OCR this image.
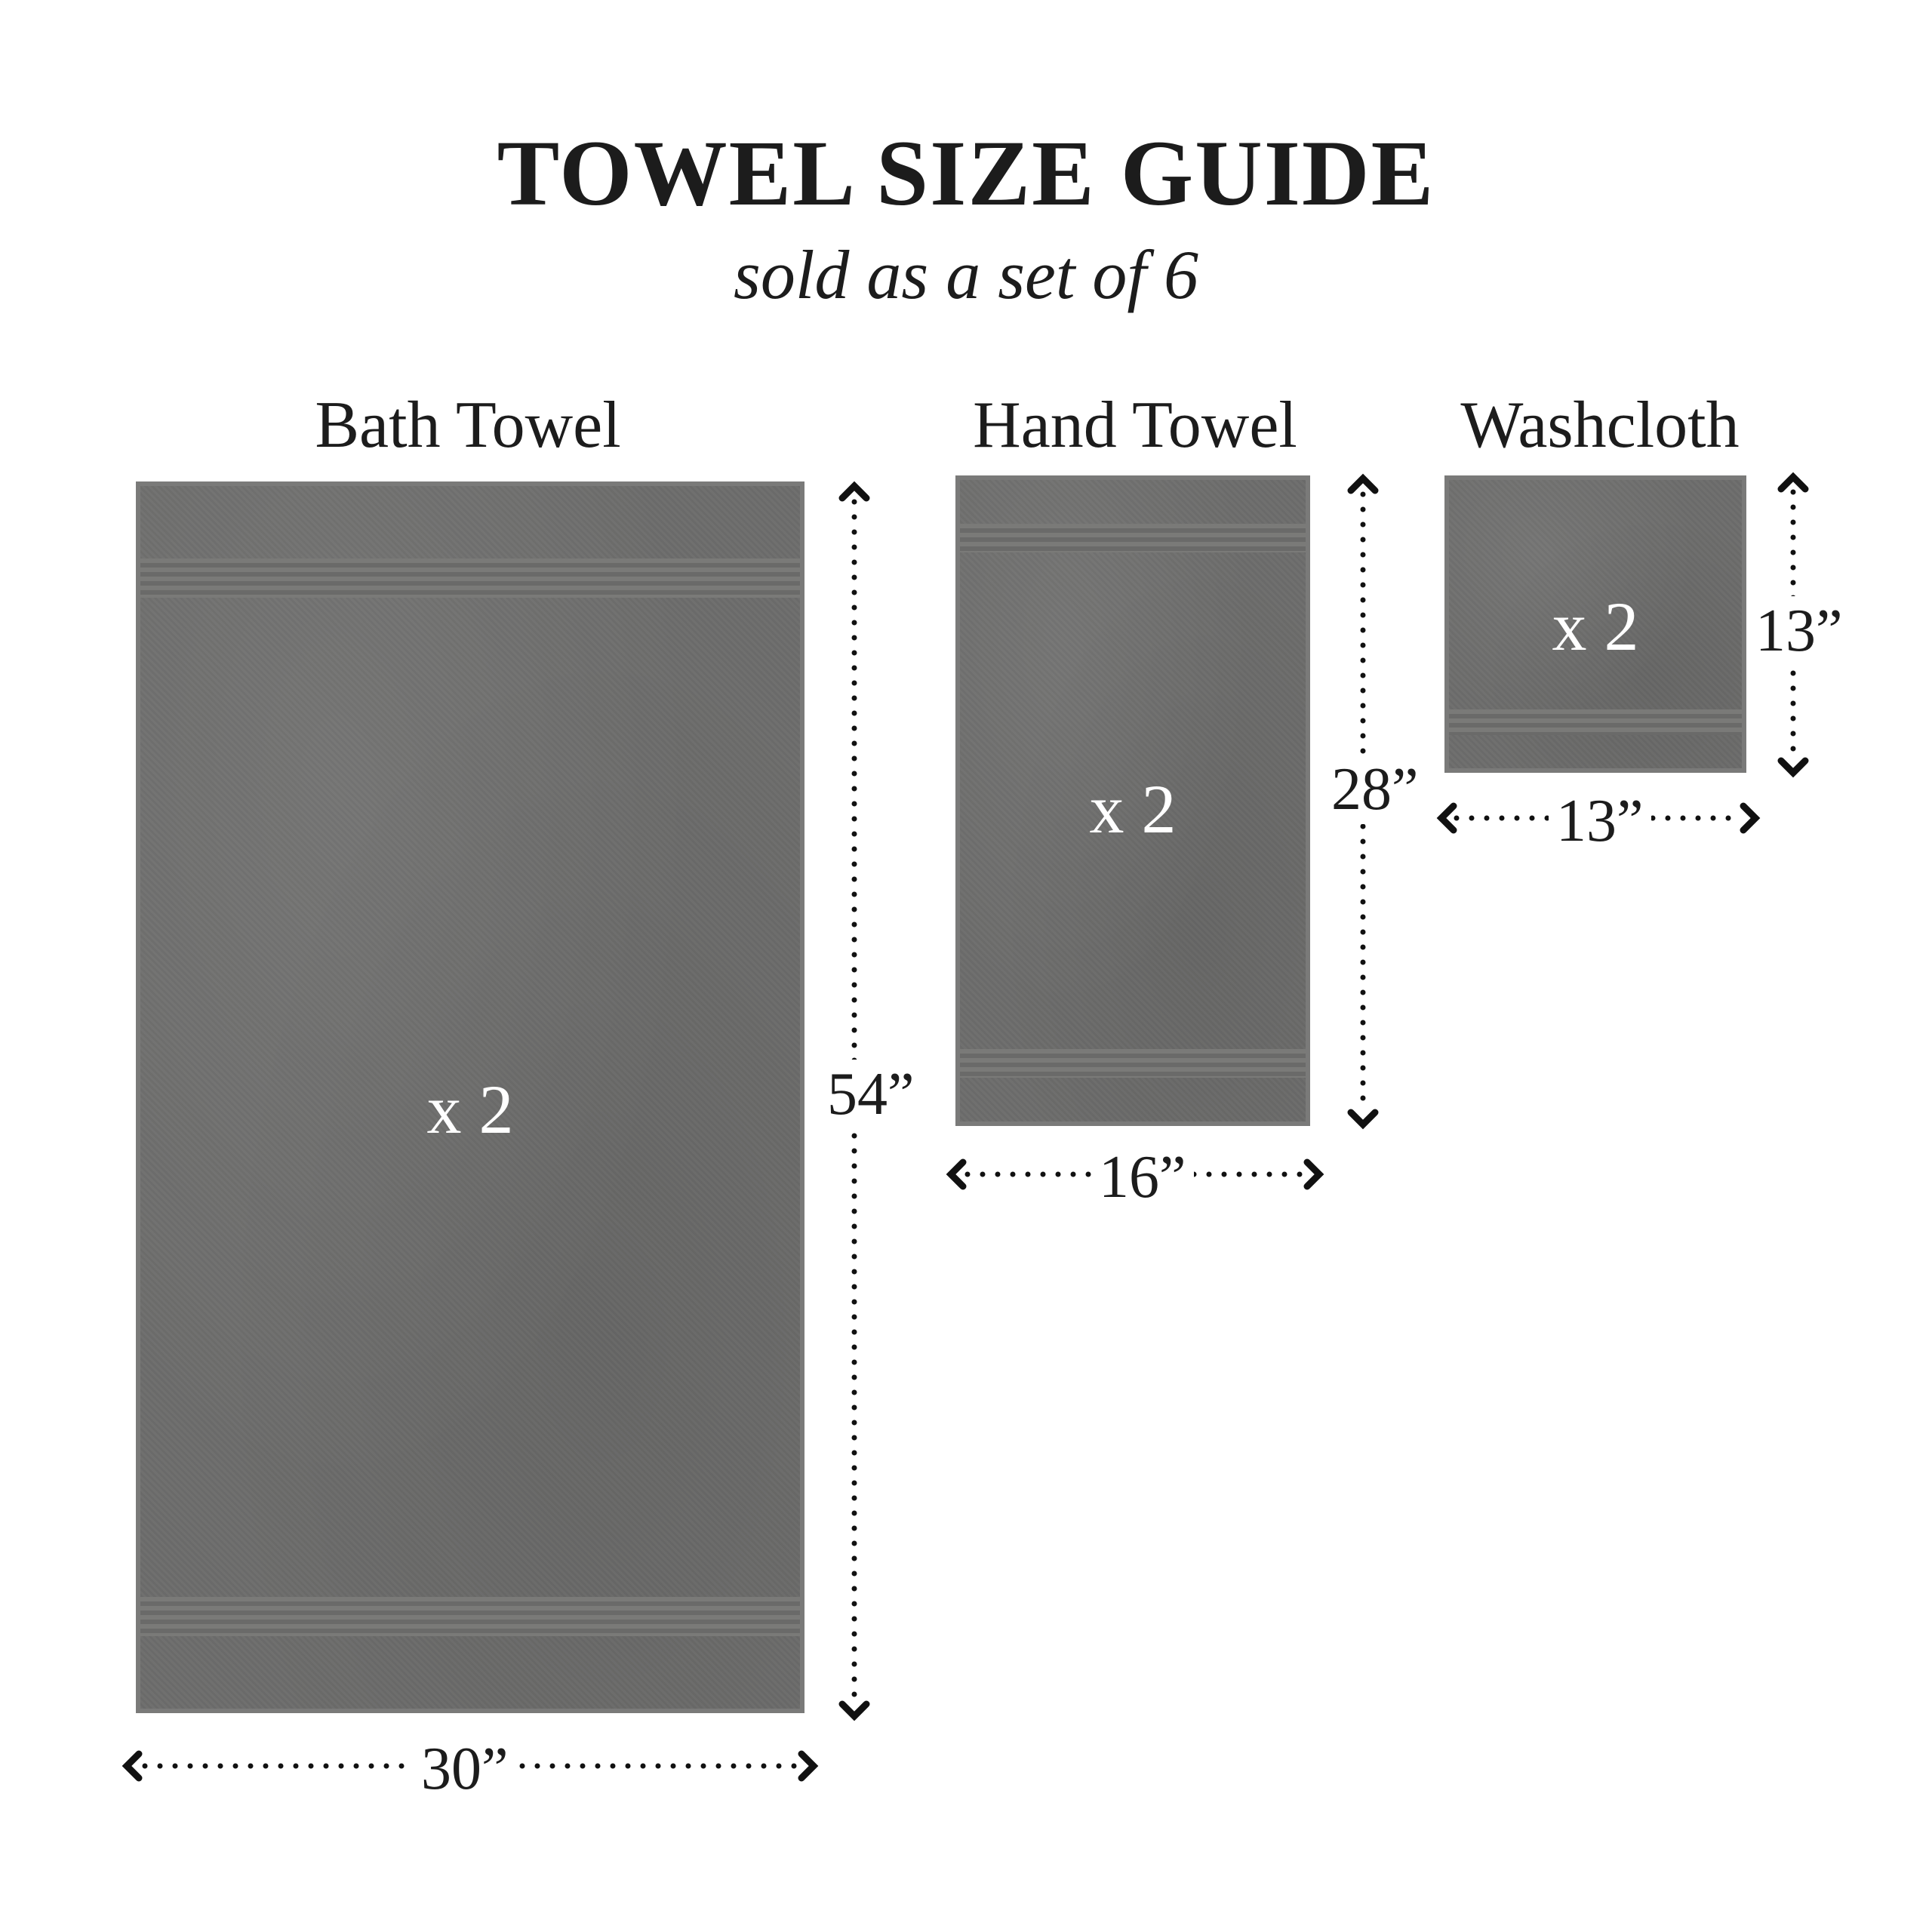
TOWEL SIZE GUIDE
sold as a set of 6
Bath Towel
x 2
Hand Towel
x 2
Washcloth
x 2
54”
30”
28”
16”
13”
13”
